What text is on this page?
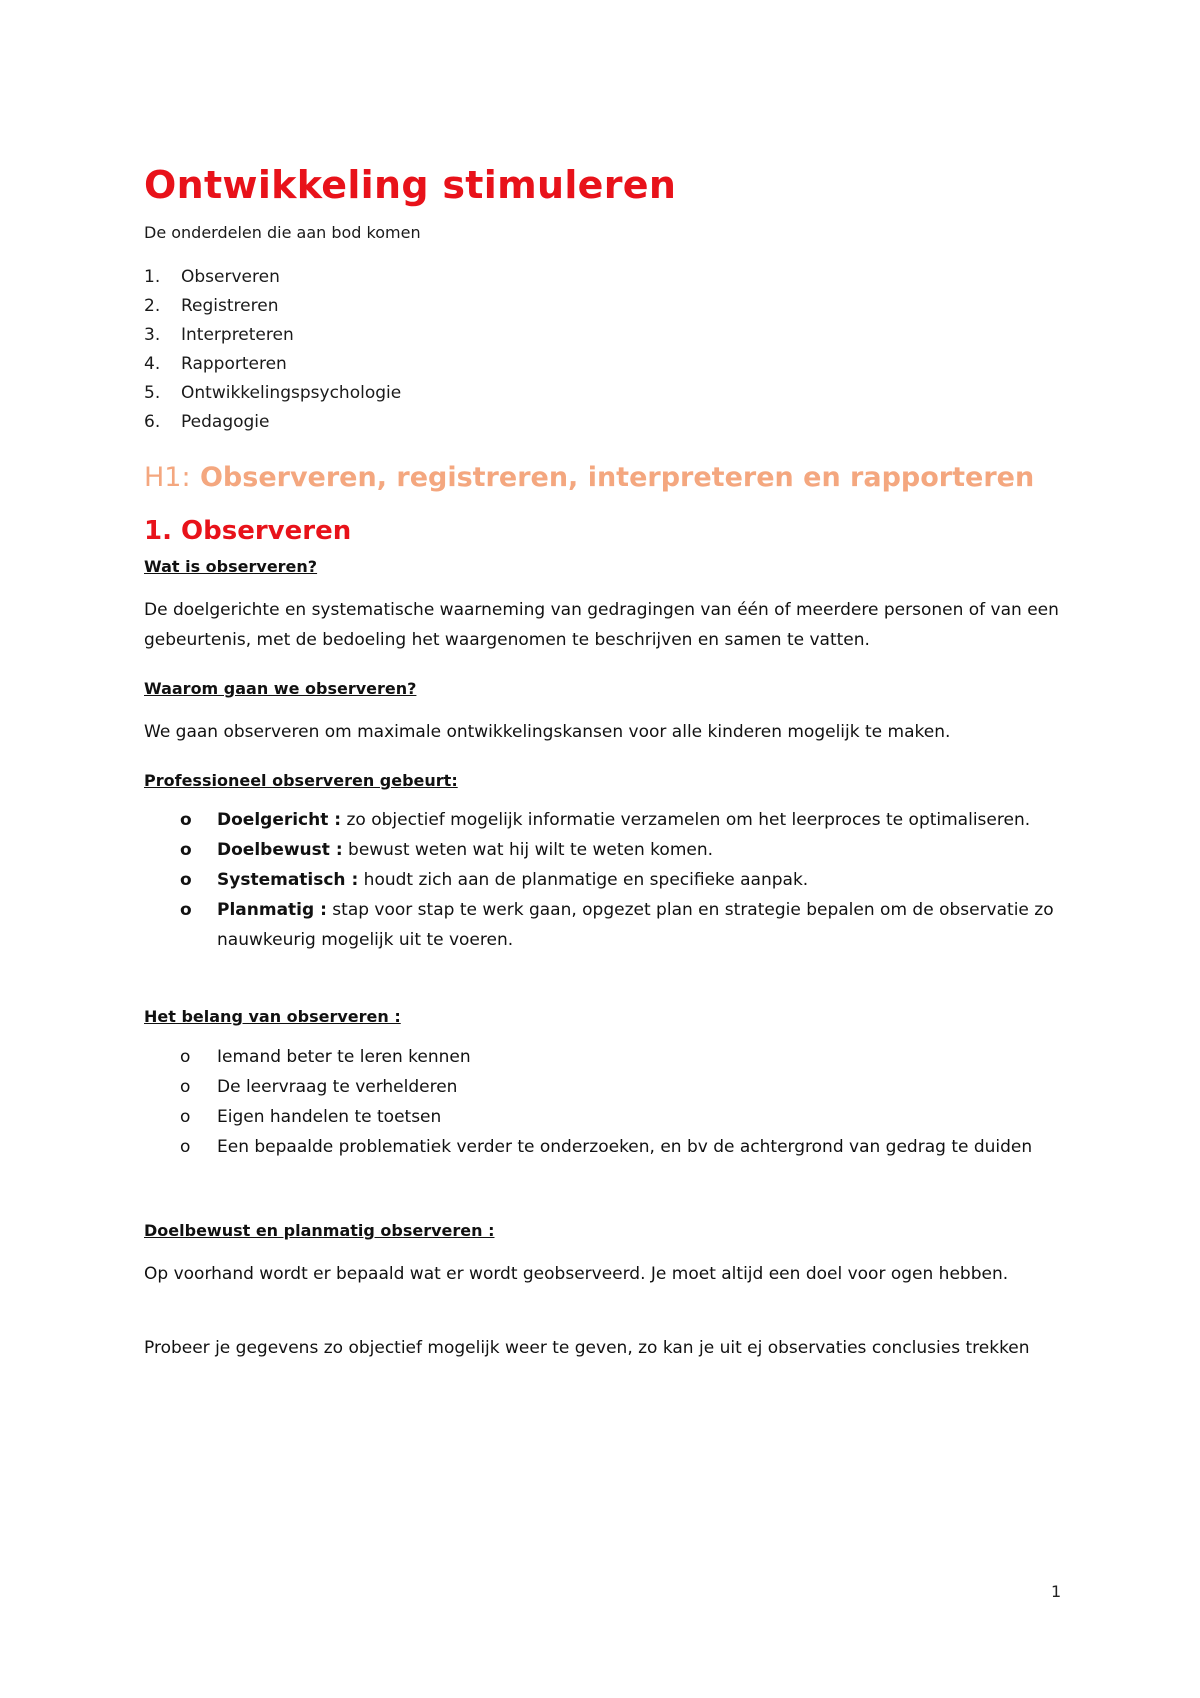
Ontwikkeling stimuleren

De onderdelen die aan bod komen

1. Observeren
2. Registreren
3. Interpreteren
4. Rapporteren
5. Ontwikkelingspsychologie
6. Pedagogie
H1: Observeren, registreren, interpreteren en rapporteren
1. Observeren

Wat is observeren?

De doelgerichte en systematische waarneming van gedragingen van één of meerdere personen of van een gebeurtenis, met de bedoeling het waargenomen te beschrijven en samen te vatten.

Waarom gaan we observeren?

We gaan observeren om maximale ontwikkelingskansen voor alle kinderen mogelijk te maken.

Professioneel observeren gebeurt:

o	Doelgericht : zo objectief mogelijk informatie verzamelen om het leerproces te optimaliseren.
o	Doelbewust : bewust weten wat hij wilt te weten komen.
o	Systematisch : houdt zich aan de planmatige en specifieke aanpak.
o	Planmatig : stap voor stap te werk gaan, opgezet plan en strategie bepalen om de observatie zo nauwkeurig mogelijk uit te voeren.

Het belang van observeren :

o	Iemand beter te leren kennen
o	De leervraag te verhelderen
o	Eigen handelen te toetsen
o	Een bepaalde problematiek verder te onderzoeken, en bv de achtergrond van gedrag te duiden

Doelbewust en planmatig observeren :

Op voorhand wordt er bepaald wat er wordt geobserveerd. Je moet altijd een doel voor ogen hebben.

Probeer je gegevens zo objectief mogelijk weer te geven, zo kan je uit ej observaties conclusies trekken

1
